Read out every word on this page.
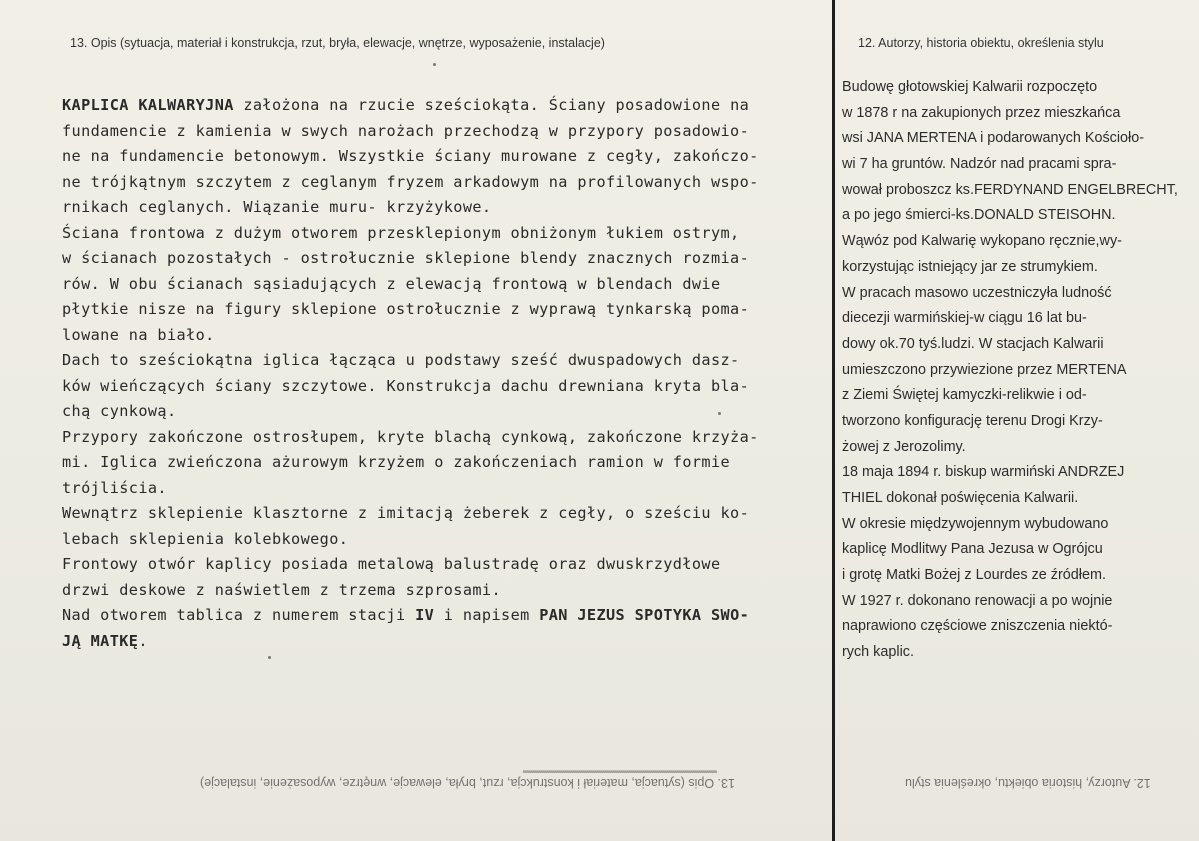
13. Opis (sytuacja, materiał i konstrukcja, rzut, bryła, elewacje, wnętrze, wyposażenie, instalacje)	12. Autorzy, historia obiektu, określenia stylu
KAPLICA KALWARYJNA założona na rzucie sześciokąta. Ściany posadowione na
fundamencie z kamienia w swych narożach przechodzą w przypory posadowio-
ne na fundamencie betonowym. Wszystkie ściany murowane z cegły, zakończo-
ne trójkątnym szczytem z ceglanym fryzem arkadowym na profilowanych wspo-
rnikach ceglanych. Wiązanie muru- krzyżykowe.
Ściana frontowa z dużym otworem przesklepionym obniżonym łukiem ostrym,
w ścianach pozostałych - ostrołucznie sklepione blendy znacznych rozmia-
rów. W obu ścianach sąsiadujących z elewacją frontową w blendach dwie
płytkie nisze na figury sklepione ostrołucznie z wyprawą tynkarską poma-
lowane na biało.
Dach to sześciokątna iglica łącząca u podstawy sześć dwuspadowych dasz-
ków wieńczących ściany szczytowe. Konstrukcja dachu drewniana kryta bla-
chą cynkową.
Przypory zakończone ostrosłupem, kryte blachą cynkową, zakończone krzyża-
mi. Iglica zwieńczona ażurowym krzyżem o zakończeniach ramion w formie
trójliścia.
Wewnątrz sklepienie klasztorne z imitacją żeberek z cegły, o sześciu ko-
lebach sklepienia kolebkowego.
Frontowy otwór kaplicy posiada metalową balustradę oraz dwuskrzydłowe
drzwi deskowe z naświetlem z trzema szprosami.
Nad otworem tablica z numerem stacji IV i napisem PAN JEZUS SPOTYKA SWO-
JĄ MATKĘ.
Budowę głotowskiej Kalwarii rozpoczęto
w 1878 r na zakupionych przez mieszkańca
wsi JANA MERTENA i podarowanych Kościoło-
wi 7 ha gruntów. Nadzór nad pracami spra-
wował proboszcz ks.FERDYNAND ENGELBRECHT,
a po jego śmierci-ks.DONALD STEISOHN.
Wąwóz pod Kalwarię wykopano ręcznie,wy-
korzystując istniejący jar ze strumykiem.
W pracach masowo uczestniczyła ludność
diecezji warmińskiej-w ciągu 16 lat bu-
dowy ok.70 tyś.ludzi. W stacjach Kalwarii
umieszczono przywiezione przez MERTENA
z Ziemi Świętej kamyczki-relikwie i od-
tworzono konfigurację terenu Drogi Krzy-
żowej z Jerozolimy.
18 maja 1894 r. biskup warmiński ANDRZEJ
THIEL dokonał poświęcenia Kalwarii.
W okresie międzywojennym wybudowano
kaplicę Modlitwy Pana Jezusa w Ogrójcu
i grotę Matki Bożej z Lourdes ze źródłem.
W 1927 r. dokonano renowacji a po wojnie
naprawiono częściowe zniszczenia niektó-
rych kaplic.
13. Opis (sytuacja, materiał i konstrukcja, rzut, bryła, elewacje, wnętrze, wyposażenie, instalacje)	12. Autorzy, historia obiektu, określenia stylu
